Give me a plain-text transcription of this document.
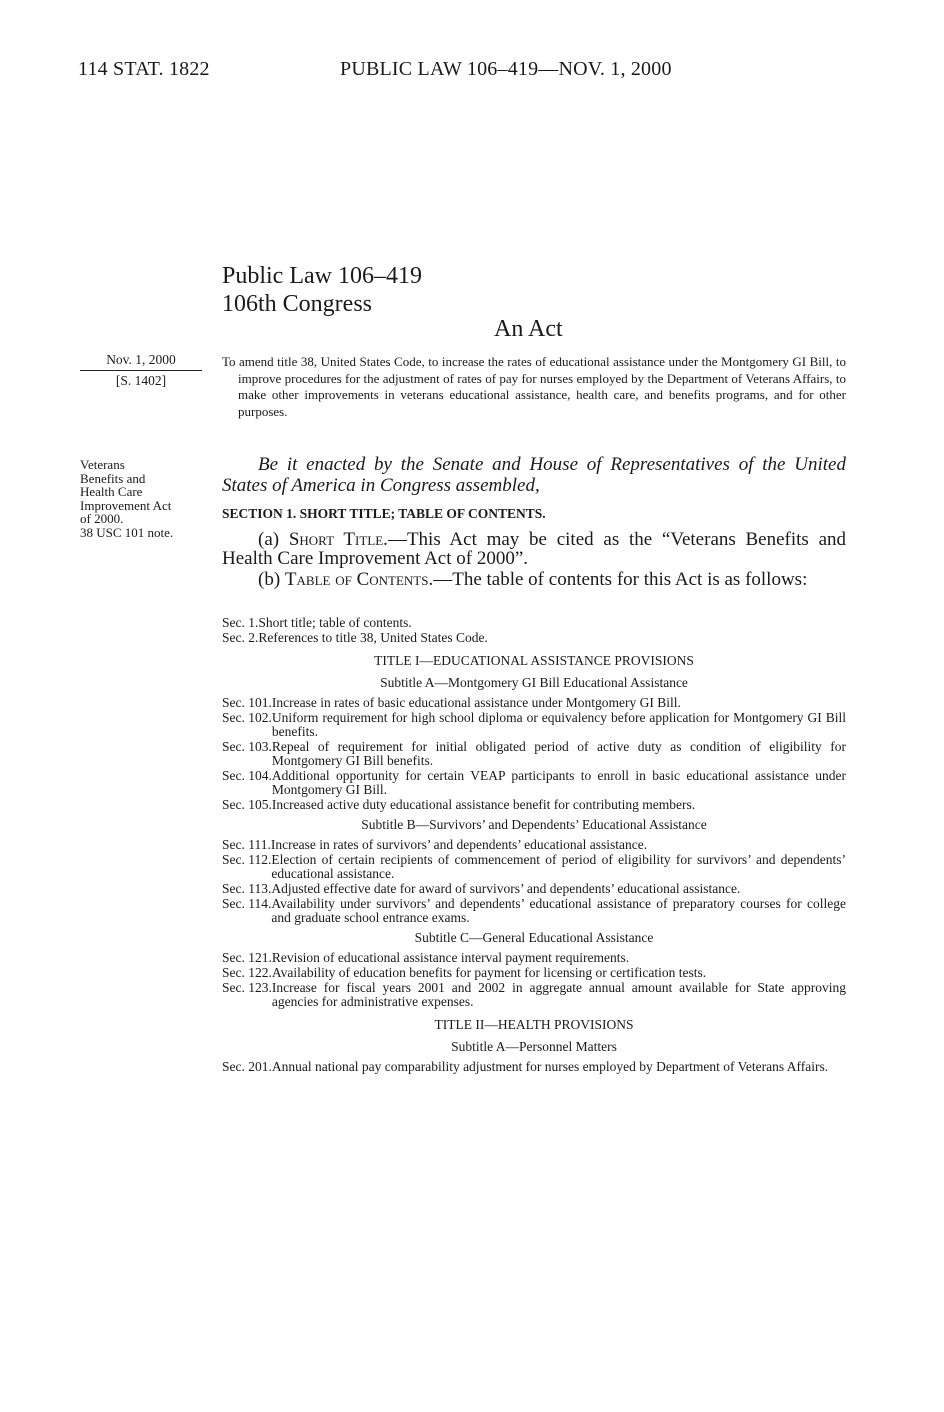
114 STAT. 1822	PUBLIC LAW 106–419—NOV. 1, 2000
Public Law 106–419
106th Congress
An Act
Nov. 1, 2000
[S. 1402]
Veterans
Benefits and
Health Care
Improvement Act
of 2000.
38 USC 101 note.

To amend title 38, United States Code, to increase the rates of educational assistance under the Montgomery GI Bill, to improve procedures for the adjustment of rates of pay for nurses employed by the Department of Veterans Affairs, to make other improvements in veterans educational assistance, health care, and benefits programs, and for other purposes.

Be it enacted by the Senate and House of Representatives of the United States of America in Congress assembled,

SECTION 1. SHORT TITLE; TABLE OF CONTENTS.

(a) Short Title.—This Act may be cited as the “Veterans Benefits and Health Care Improvement Act of 2000”.

(b) Table of Contents.—The table of contents for this Act is as follows:

Sec. 1. Short title; table of contents.
Sec. 2. References to title 38, United States Code.
TITLE I—EDUCATIONAL ASSISTANCE PROVISIONS
Subtitle A—Montgomery GI Bill Educational Assistance
Sec. 101. Increase in rates of basic educational assistance under Montgomery GI Bill.
Sec. 102. Uniform requirement for high school diploma or equivalency before application for Montgomery GI Bill benefits.
Sec. 103. Repeal of requirement for initial obligated period of active duty as condition of eligibility for Montgomery GI Bill benefits.
Sec. 104. Additional opportunity for certain VEAP participants to enroll in basic educational assistance under Montgomery GI Bill.
Sec. 105. Increased active duty educational assistance benefit for contributing members.
Subtitle B—Survivors’ and Dependents’ Educational Assistance
Sec. 111. Increase in rates of survivors’ and dependents’ educational assistance.
Sec. 112. Election of certain recipients of commencement of period of eligibility for survivors’ and dependents’ educational assistance.
Sec. 113. Adjusted effective date for award of survivors’ and dependents’ educational assistance.
Sec. 114. Availability under survivors’ and dependents’ educational assistance of preparatory courses for college and graduate school entrance exams.
Subtitle C—General Educational Assistance
Sec. 121. Revision of educational assistance interval payment requirements.
Sec. 122. Availability of education benefits for payment for licensing or certification tests.
Sec. 123. Increase for fiscal years 2001 and 2002 in aggregate annual amount available for State approving agencies for administrative expenses.
TITLE II—HEALTH PROVISIONS
Subtitle A—Personnel Matters
Sec. 201. Annual national pay comparability adjustment for nurses employed by Department of Veterans Affairs.
